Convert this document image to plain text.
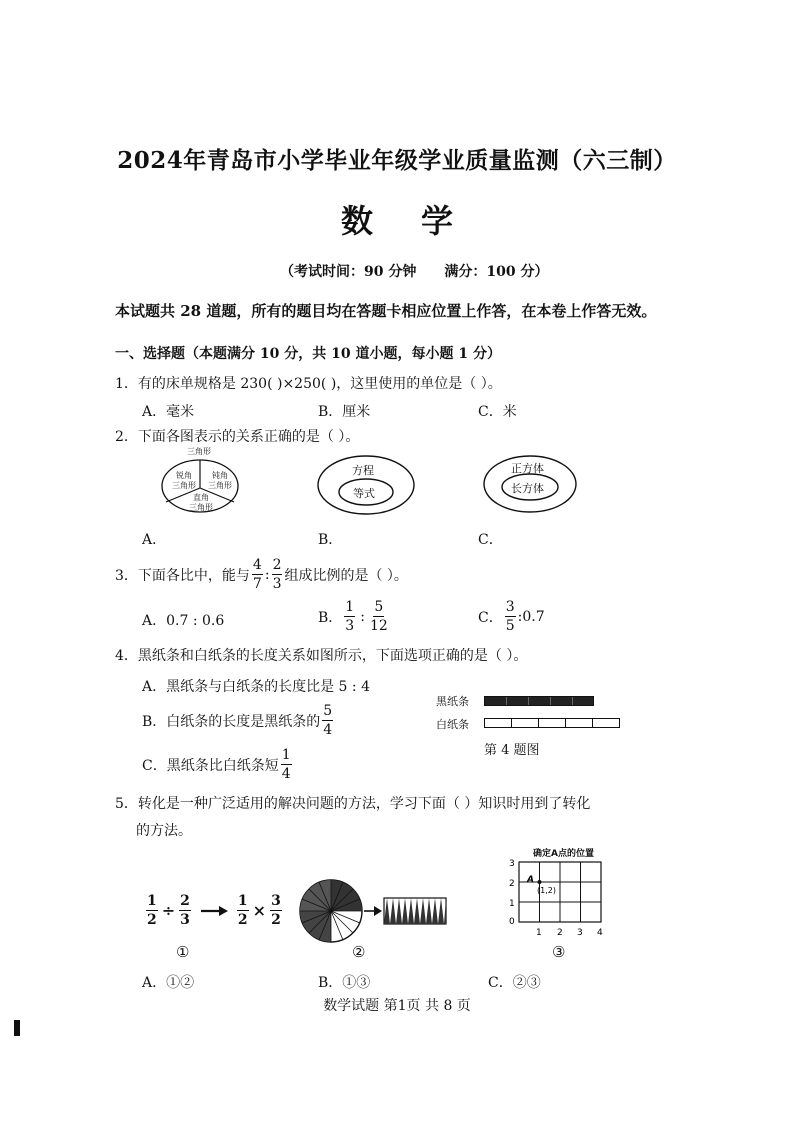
2024年青岛市小学毕业年级学业质量监测（六三制）
数学
（考试时间：90 分钟 满分：100 分）
本试题共 28 道题，所有的题目均在答题卡相应位置上作答，在本卷上作答无效。
一、选择题（本题满分 10 分，共 10 道小题，每小题 1 分）
1．有的床单规格是 230( )×250( )，这里使用的单位是（ ）。
A．毫米	B．厘米	C．米
2．下面各图表示的关系正确的是（ ）。
三角形
锐角
三角形
钝角
三角形
直角
三角形
方程
等式
正方体
长方体
A．	B．	C．
3．下面各比中，能与 $\frac{4}{7}$ : $\frac{2}{3}$ 组成比例的是（ ）。
A．0.7 : 0.6	B． $\frac{1}{3}$ : $\frac{5}{12}$	C． $\frac{3}{5}$ :0.7
4．黑纸条和白纸条的长度关系如图所示，下面选项正确的是（ ）。
A．黑纸条与白纸条的长度比是 5 : 4
B．白纸条的长度是黑纸条的 $\frac{5}{4}$
C．黑纸条比白纸条短 $\frac{1}{4}$
黑纸条
白纸条
第 4 题图
5．转化是一种广泛适用的解决问题的方法，学习下面（ ）知识时用到了转化
的方法。
$\frac{1}{2} \div \frac{2}{3}$	$\frac{1}{2} \times \frac{3}{2}$
确定A点的位置
A
(1,2)
3
2
1
0
1 2 3 4
①	②	③
A．①②	B．①③	C．②③
数学试题 第1页 共 8 页
